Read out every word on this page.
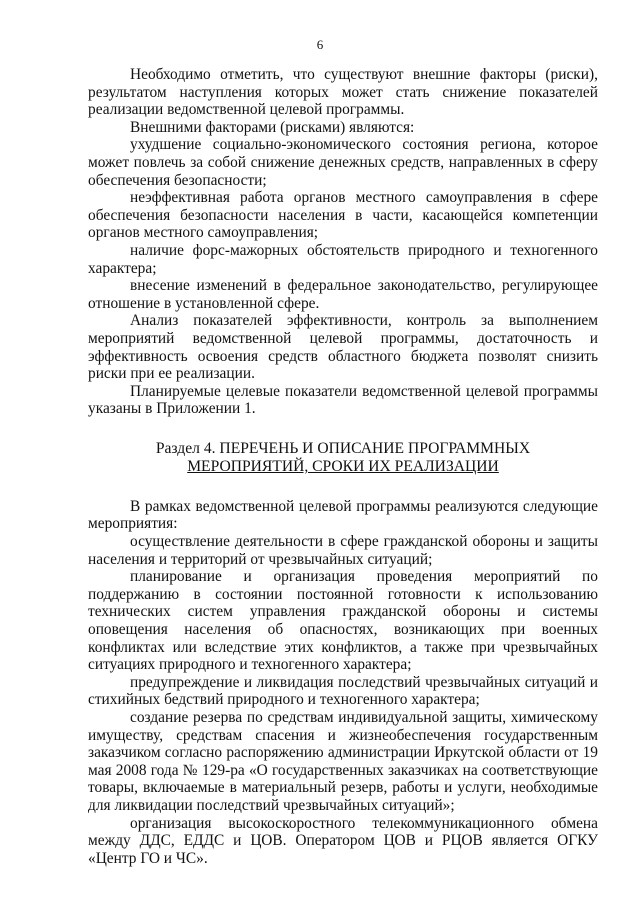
6

Необходимо отметить, что существуют внешние факторы (риски), результатом наступления которых может стать снижение показателей реализации ведомственной целевой программы.

Внешними факторами (рисками) являются:

ухудшение социально-экономического состояния региона, которое может повлечь за собой снижение денежных средств, направленных в сферу обеспечения безопасности;

неэффективная работа органов местного самоуправления в сфере обеспечения безопасности населения в части, касающейся компетенции органов местного самоуправления;

наличие форс-мажорных обстоятельств природного и техногенного характера;

внесение изменений в федеральное законодательство, регулирующее отношение в установленной сфере.

Анализ показателей эффективности, контроль за выполнением мероприятий ведомственной целевой программы, достаточность и эффективность освоения средств областного бюджета позволят снизить риски при ее реализации.

Планируемые целевые показатели ведомственной целевой программы указаны в Приложении 1.

Раздел 4. ПЕРЕЧЕНЬ И ОПИСАНИЕ ПРОГРАММНЫХ
МЕРОПРИЯТИЙ, СРОКИ ИХ РЕАЛИЗАЦИИ

В рамках ведомственной целевой программы реализуются следующие мероприятия:

осуществление деятельности в сфере гражданской обороны и защиты населения и территорий от чрезвычайных ситуаций;

планирование и организация проведения мероприятий по поддержанию в состоянии постоянной готовности к использованию технических систем управления гражданской обороны и системы оповещения населения об опасностях, возникающих при военных конфликтах или вследствие этих конфликтов, а также при чрезвычайных ситуациях природного и техногенного характера;

предупреждение и ликвидация последствий чрезвычайных ситуаций и стихийных бедствий природного и техногенного характера;

создание резерва по средствам индивидуальной защиты, химическому имуществу, средствам спасения и жизнеобеспечения государственным заказчиком согласно распоряжению администрации Иркутской области от 19 мая 2008 года № 129-ра «О государственных заказчиках на соответствующие товары, включаемые в материальный резерв, работы и услуги, необходимые для ликвидации последствий чрезвычайных ситуаций»;

организация высокоскоростного телекоммуникационного обмена между ДДС, ЕДДС и ЦОВ. Оператором ЦОВ и РЦОВ является ОГКУ «Центр ГО и ЧС».
